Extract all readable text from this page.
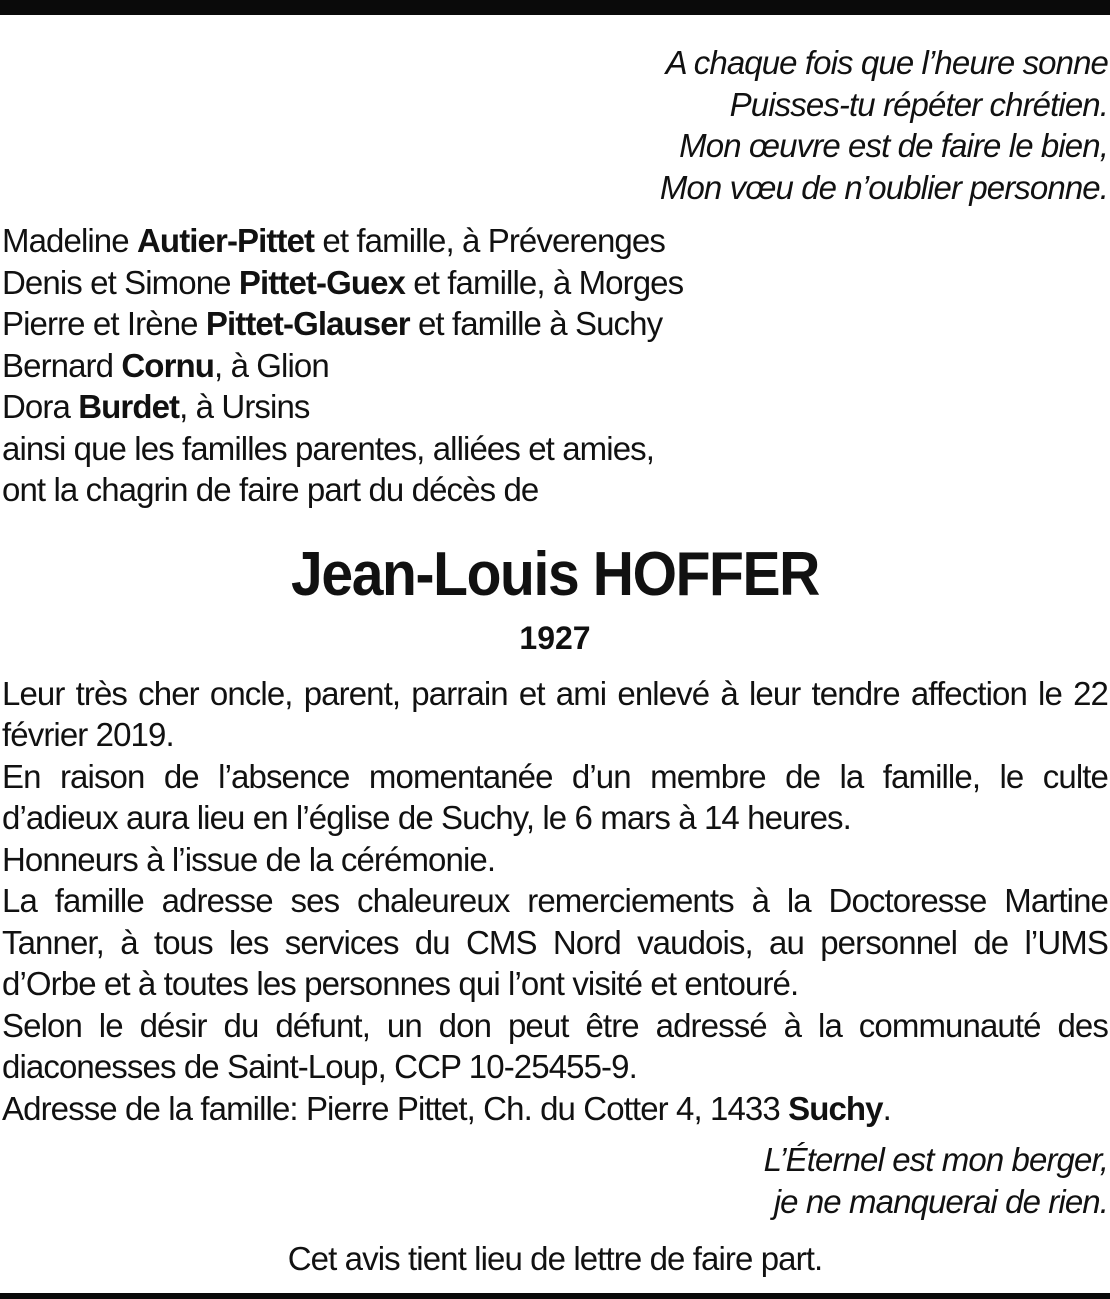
A chaque fois que l’heure sonne
Puisses-tu répéter chrétien.
Mon œuvre est de faire le bien,
Mon vœu de n’oublier personne.
Madeline Autier-Pittet et famille, à Préverenges
Denis et Simone Pittet-Guex et famille, à Morges
Pierre et Irène Pittet-Glauser et famille à Suchy
Bernard Cornu, à Glion
Dora Burdet, à Ursins
ainsi que les familles parentes, alliées et amies,
ont la chagrin de faire part du décès de
Jean-Louis HOFFER
1927

Leur très cher oncle, parent, parrain et ami enlevé à leur tendre affection le 22 février 2019.

En raison de l’absence momentanée d’un membre de la famille, le culte d’adieux aura lieu en l’église de Suchy, le 6 mars à 14 heures.

Honneurs à l’issue de la cérémonie.

La famille adresse ses chaleureux remerciements à la Doctoresse Martine Tanner, à tous les services du CMS Nord vaudois, au personnel de l’UMS d’Orbe et à toutes les personnes qui l’ont visité et entouré.

Selon le désir du défunt, un don peut être adressé à la communauté des diaconesses de Saint-Loup, CCP 10-25455-9.

Adresse de la famille: Pierre Pittet, Ch. du Cotter 4, 1433 Suchy.

L’Éternel est mon berger,
je ne manquerai de rien.
Cet avis tient lieu de lettre de faire part.
